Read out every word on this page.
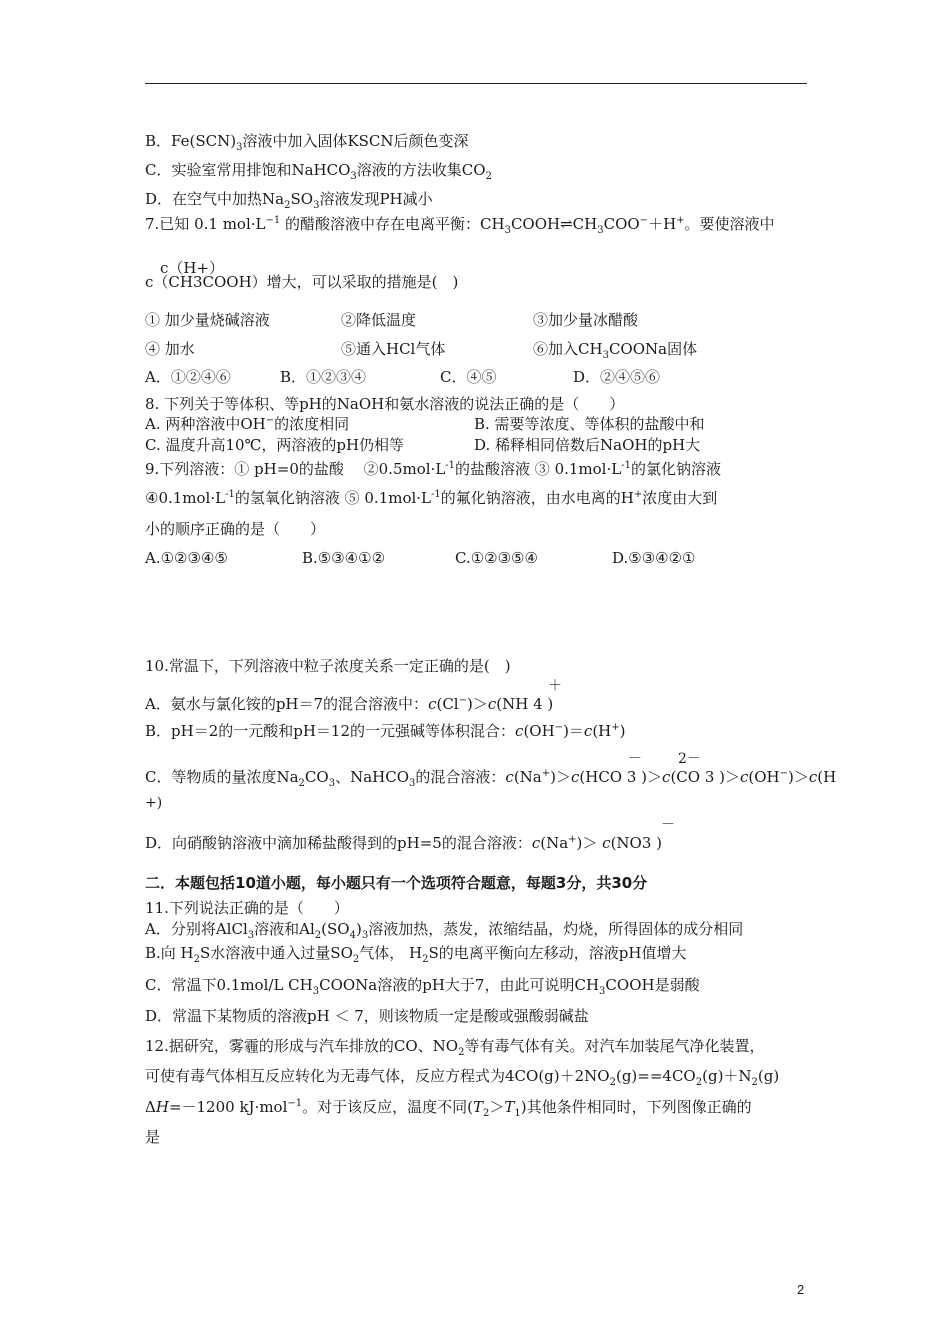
B．$Fe(SCN)_3$溶液中加入固体KSCN后颜色变深
C．实验室常用排饱和NaHCO$_3$溶液的方法收集$CO_2$
D．在空气中加热$Na_2SO_3$溶液发现PH减小
7.已知 0.1 $mol\cdot L^{-1}$ 的醋酸溶液中存在电离平衡：$CH_3COOH\rightleftharpoons CH_3COO^-+H^+$。要使溶液中
c（H+）
c（CH3COOH）增大，可以采取的措施是(　)
① 加少量烧碱溶液	②降低温度	③加少量冰醋酸
④ 加水	⑤通入HCl气体	⑥加入$CH_3COONa$固体
A．①②④⑥	B．①②③④	C．④⑤	D．②④⑤⑥
8. 下列关于等体积、等pH的NaOH和氨水溶液的说法正确的是（　　）
A. 两种溶液中OH−的浓度相同	B. 需要等浓度、等体积的盐酸中和
C. 温度升高10℃，两溶液的pH仍相等	D. 稀释相同倍数后NaOH的pH大
9.下列溶液：① pH=0的盐酸　 $②0.5mol\cdot L^{-1}$的盐酸溶液 ③ $0.1mol\cdot L^{-1}$的氯化钠溶液
$④0.1mol\cdot L^{-1}$的氢氧化钠溶液 ⑤ $0.1mol\cdot L^{-1}$的氟化钠溶液，由水电离的H+浓度由大到
小的顺序正确的是（　　）
A.①②③④⑤	B.⑤③④①②	C.①②③⑤④	D.⑤③④②①
10.常温下，下列溶液中粒子浓度关系一定正确的是(　)
＋
A．氨水与氯化铵的pH＝7的混合溶液中：c(Cl−)＞c(NH 4 )
B．pH＝2的一元酸和pH＝12的一元强碱等体积混合：c(OH−)＝c(H+)
－	2－
C．等物质的量浓度$Na_2CO_3$、NaHCO$_3$的混合溶液：c(Na+)＞c(HCO 3 )＞c(CO 3 )＞c(OH−)＞c(H
+)
－
D．向硝酸钠溶液中滴加稀盐酸得到的pH=5的混合溶液：c(Na+)＞ c(NO3 )
二．本题包括10道小题，每小题只有一个选项符合题意，每题3分，共30分
11.下列说法正确的是（　　）
A．分别将AlCl$_3$溶液和$Al_2(SO_4)_3$溶液加热，蒸发，浓缩结晶，灼烧，所得固体的成分相同
B.向 $H_2S$水溶液中通入过量$SO_2$气体， $H_2S$的电离平衡向左移动，溶液pH值增大
C．常温下0.1mol/L $CH_3COONa$溶液的pH大于7，由此可说明$CH_3COOH$是弱酸
D．常温下某物质的溶液pH ＜ 7，则该物质一定是酸或强酸弱碱盐
12.据研究，雾霾的形成与汽车排放的CO、$NO_2$等有毒气体有关。对汽车加装尾气净化装置，
可使有毒气体相互反应转化为无毒气体，反应方程式为$4CO(g)+2NO_2(g)==4CO_2(g)+N_2(g)$
ΔH=－1200 kJ·mol$^{-1}$。对于该反应，温度不同$(T_2>T_1)$其他条件相同时，下列图像正确的
是
2
